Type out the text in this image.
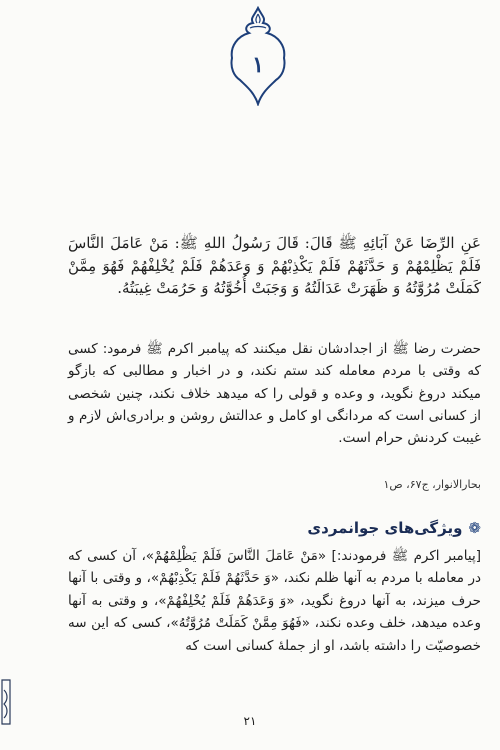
۱
عَنِ الرِّضَا عَنْ آبَائِهِ ﷺ قَالَ: قَالَ رَسُولُ اللهِ ﷺ: مَنْ عَامَلَ النَّاسَ فَلَمْ يَظْلِمْهُمْ وَ حَدَّثَهُمْ فَلَمْ يَكْذِبْهُمْ وَ وَعَدَهُمْ فَلَمْ يُخْلِفْهُمْ فَهُوَ مِمَّنْ كَمَلَتْ مُرُوَّتُهُ وَ ظَهَرَتْ عَدَالَتُهُ وَ وَجَبَتْ أُخُوَّتُهُ وَ حَرُمَتْ غِيبَتُهُ.
حضرت رضا ﷺ از اجدادشان نقل میکنند که پیامبر اکرم ﷺ فرمود: کسی که وقتی با مردم معامله کند ستم نکند، و در اخبار و مطالبی که بازگو میکند دروغ نگوید، و وعده و قولی را که میدهد خلاف نکند، چنین شخصی از کسانی است که مردانگی او کامل و عدالتش روشن و برادری‌اش لازم و غیبت کردنش حرام است.
بحارالانوار، ج۶۷، ص۱
❁
ویژگی‌های جوانمردی
[پیامبر اکرم ﷺ فرمودند:] «مَنْ عَامَلَ النَّاسَ فَلَمْ يَظْلِمْهُمْ»، آن کسی که در معامله با مردم به آنها ظلم نکند، «وَ حَدَّثَهُمْ فَلَمْ يَكْذِبْهُمْ»، و وقتی با آنها حرف میزند، به آنها دروغ نگوید، «وَ وَعَدَهُمْ فَلَمْ يُخْلِفْهُمْ»، و وقتی به آنها وعده میدهد، خلف وعده نکند، «فَهُوَ مِمَّنْ كَمَلَتْ مُرُوَّتُهُ»، کسی که این سه خصوصیّت را داشته باشد، او از جملهٔ کسانی است که
۲۱
